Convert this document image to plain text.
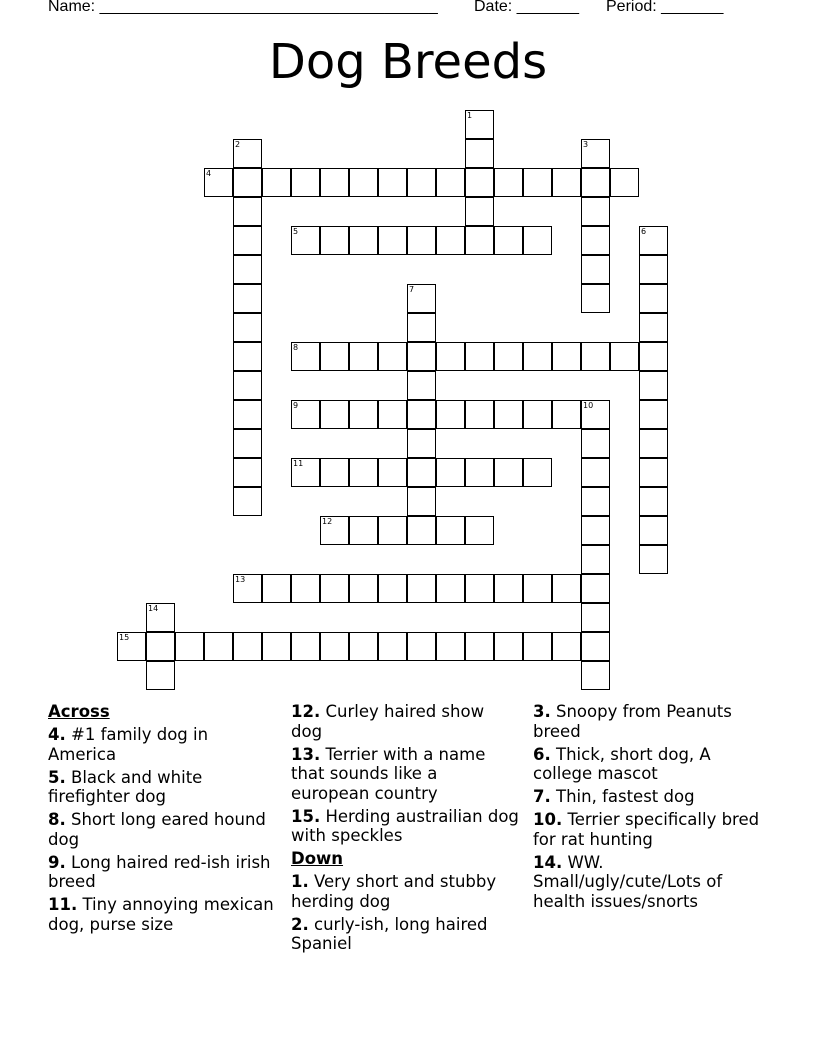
Name: ______________________________________ Date: _______ Period: _______
Dog Breeds
1
2	3
4
5	6
7
8
9	10
11
12
13
14
15
Across
4. #1 family dog in America
5. Black and white firefighter dog
8. Short long eared hound dog
9. Long haired red-ish irish breed
11. Tiny annoying mexican dog, purse size
12. Curley haired show dog
13. Terrier with a name that sounds like a european country
15. Herding austrailian dog with speckles
Down
1. Very short and stubby herding dog
2. curly-ish, long haired Spaniel
3. Snoopy from Peanuts breed
6. Thick, short dog, A college mascot
7. Thin, fastest dog
10. Terrier specifically bred for rat hunting
14. WW. Small/ugly/cute/Lots of health issues/snorts
